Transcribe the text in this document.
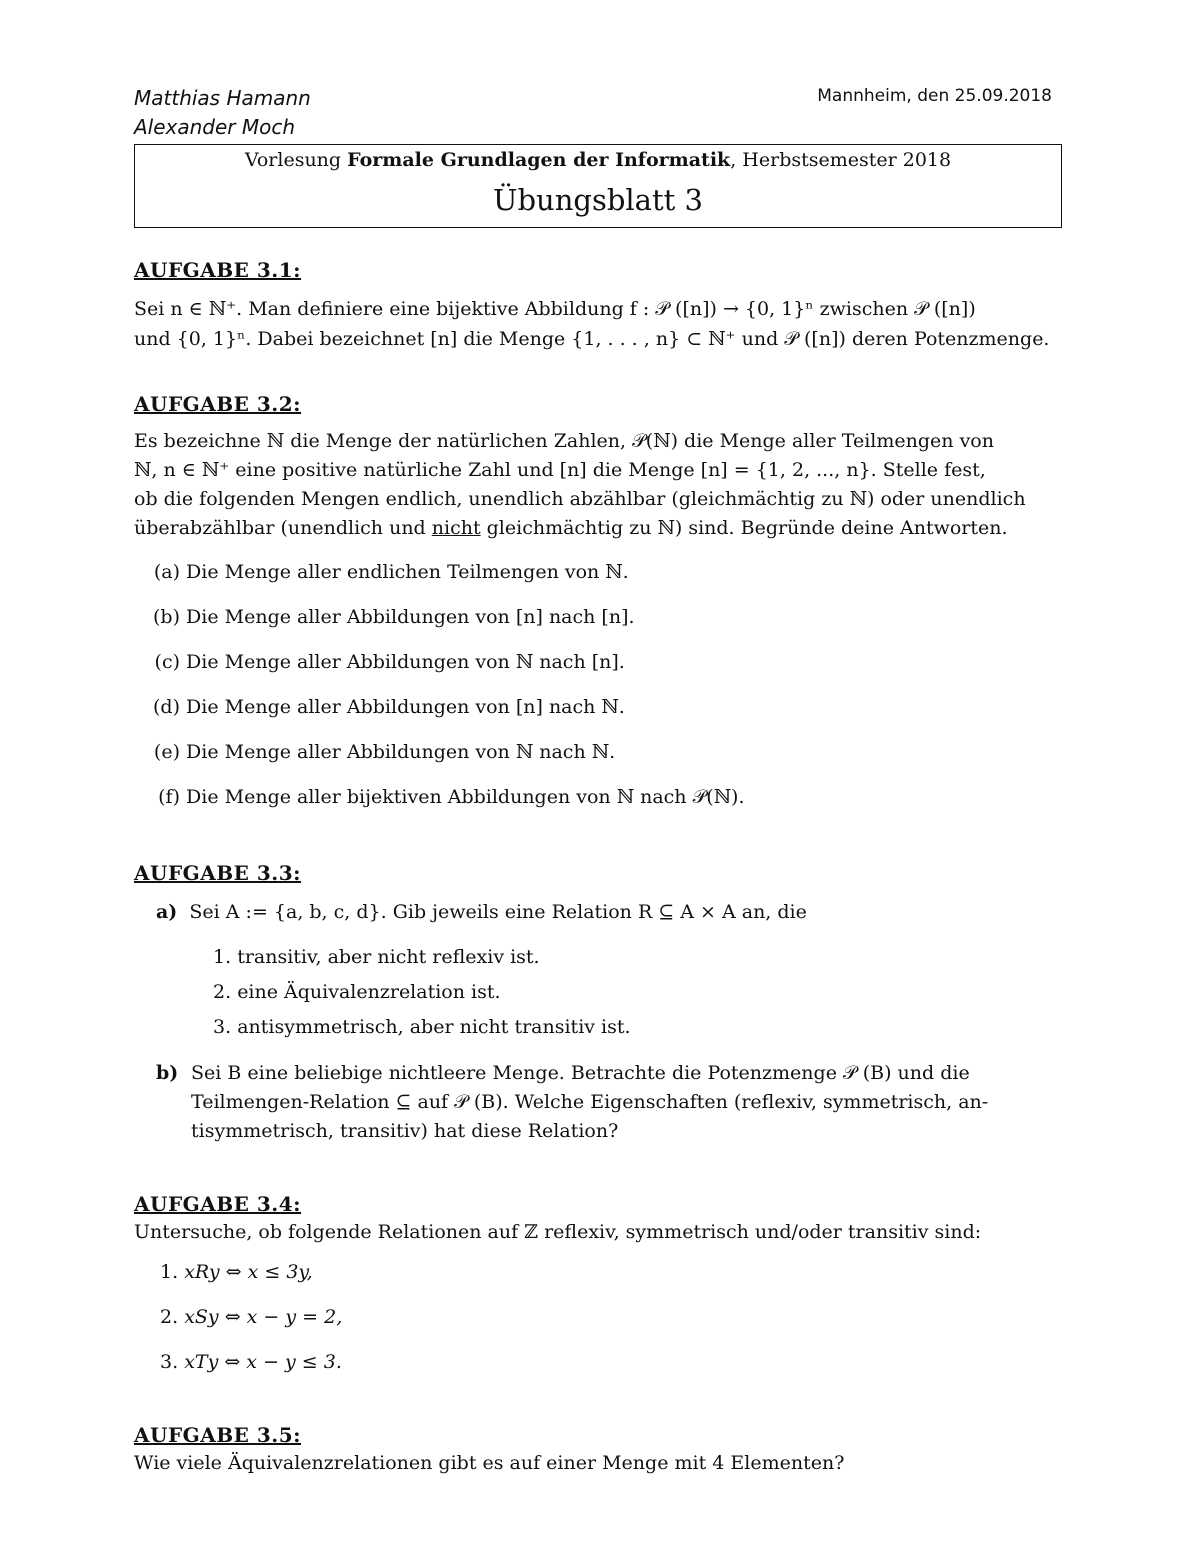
Matthias Hamann
Alexander Moch
Mannheim, den 25.09.2018
Vorlesung Formale Grundlagen der Informatik, Herbstsemester 2018
Übungsblatt 3
AUFGABE 3.1:
Sei n ∈ ℕ⁺. Man definiere eine bijektive Abbildung f : 𝒫 ([n]) → {0, 1}ⁿ zwischen 𝒫 ([n])
und {0, 1}ⁿ. Dabei bezeichnet [n] die Menge {1, . . . , n} ⊂ ℕ⁺ und 𝒫 ([n]) deren Potenzmenge.
AUFGABE 3.2:
Es bezeichne ℕ die Menge der natürlichen Zahlen, 𝒫(ℕ) die Menge aller Teilmengen von
ℕ, n ∈ ℕ⁺ eine positive natürliche Zahl und [n] die Menge [n] = {1, 2, ..., n}. Stelle fest,
ob die folgenden Mengen endlich, unendlich abzählbar (gleichmächtig zu ℕ) oder unendlich
überabzählbar (unendlich und nicht gleichmächtig zu ℕ) sind. Begründe deine Antworten.
(a) Die Menge aller endlichen Teilmengen von ℕ.
(b) Die Menge aller Abbildungen von [n] nach [n].
(c) Die Menge aller Abbildungen von ℕ nach [n].
(d) Die Menge aller Abbildungen von [n] nach ℕ.
(e) Die Menge aller Abbildungen von ℕ nach ℕ.
(f) Die Menge aller bijektiven Abbildungen von ℕ nach 𝒫(ℕ).
AUFGABE 3.3:
a) Sei A := {a, b, c, d}. Gib jeweils eine Relation R ⊆ A × A an, die
1. transitiv, aber nicht reflexiv ist.
2. eine Äquivalenzrelation ist.
3. antisymmetrisch, aber nicht transitiv ist.
b) Sei B eine beliebige nichtleere Menge. Betrachte die Potenzmenge 𝒫 (B) und die
Teilmengen-Relation ⊆ auf 𝒫 (B). Welche Eigenschaften (reflexiv, symmetrisch, an-
tisymmetrisch, transitiv) hat diese Relation?
AUFGABE 3.4:
Untersuche, ob folgende Relationen auf ℤ reflexiv, symmetrisch und/oder transitiv sind:
1. xRy ⇔ x ≤ 3y,
2. xSy ⇔ x − y = 2,
3. xTy ⇔ x − y ≤ 3.
AUFGABE 3.5:
Wie viele Äquivalenzrelationen gibt es auf einer Menge mit 4 Elementen?
